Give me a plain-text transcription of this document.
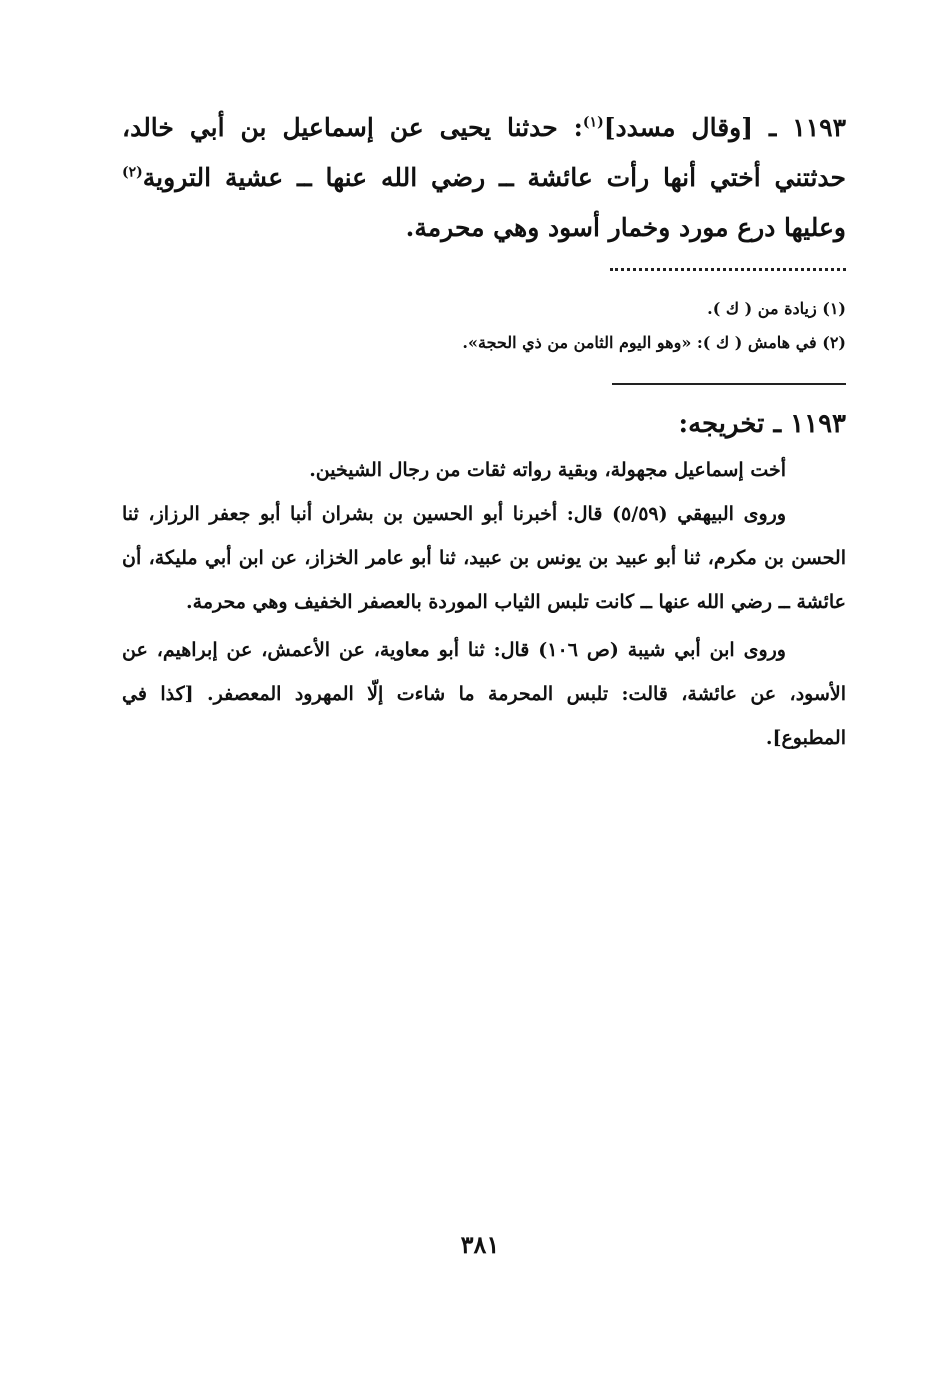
١١٩٣ ـ [وقال مسدد]$^{(١)}$: حدثنا يحيى عن إسماعيل بن أبي خالد، حدثتني أختي أنها رأت عائشة ــ رضي الله عنها ــ عشية التروية$^{(٢)}$ وعليها درع مورد وخمار أسود وهي محرمة.
(١) زيادة من ( ك ).
(٢) في هامش ( ك ): «وهو اليوم الثامن من ذي الحجة».
١١٩٣ ـ تخريجه:

أخت إسماعيل مجهولة، وبقية رواته ثقات من رجال الشيخين.

وروى البيهقي (٥/٥٩) قال: أخبرنا أبو الحسين بن بشران أنبا أبو جعفر الرزاز، ثنا الحسن بن مكرم، ثنا أبو عبيد بن يونس بن عبيد، ثنا أبو عامر الخزاز، عن ابن أبي مليكة، أن عائشة ــ رضي الله عنها ــ كانت تلبس الثياب الموردة بالعصفر الخفيف وهي محرمة.

وروى ابن أبي شيبة (ص ١٠٦) قال: ثنا أبو معاوية، عن الأعمش، عن إبراهيم، عن الأسود، عن عائشة، قالت: تلبس المحرمة ما شاءت إلّا المهرود المعصفر. [كذا في المطبوع].

٣٨١
